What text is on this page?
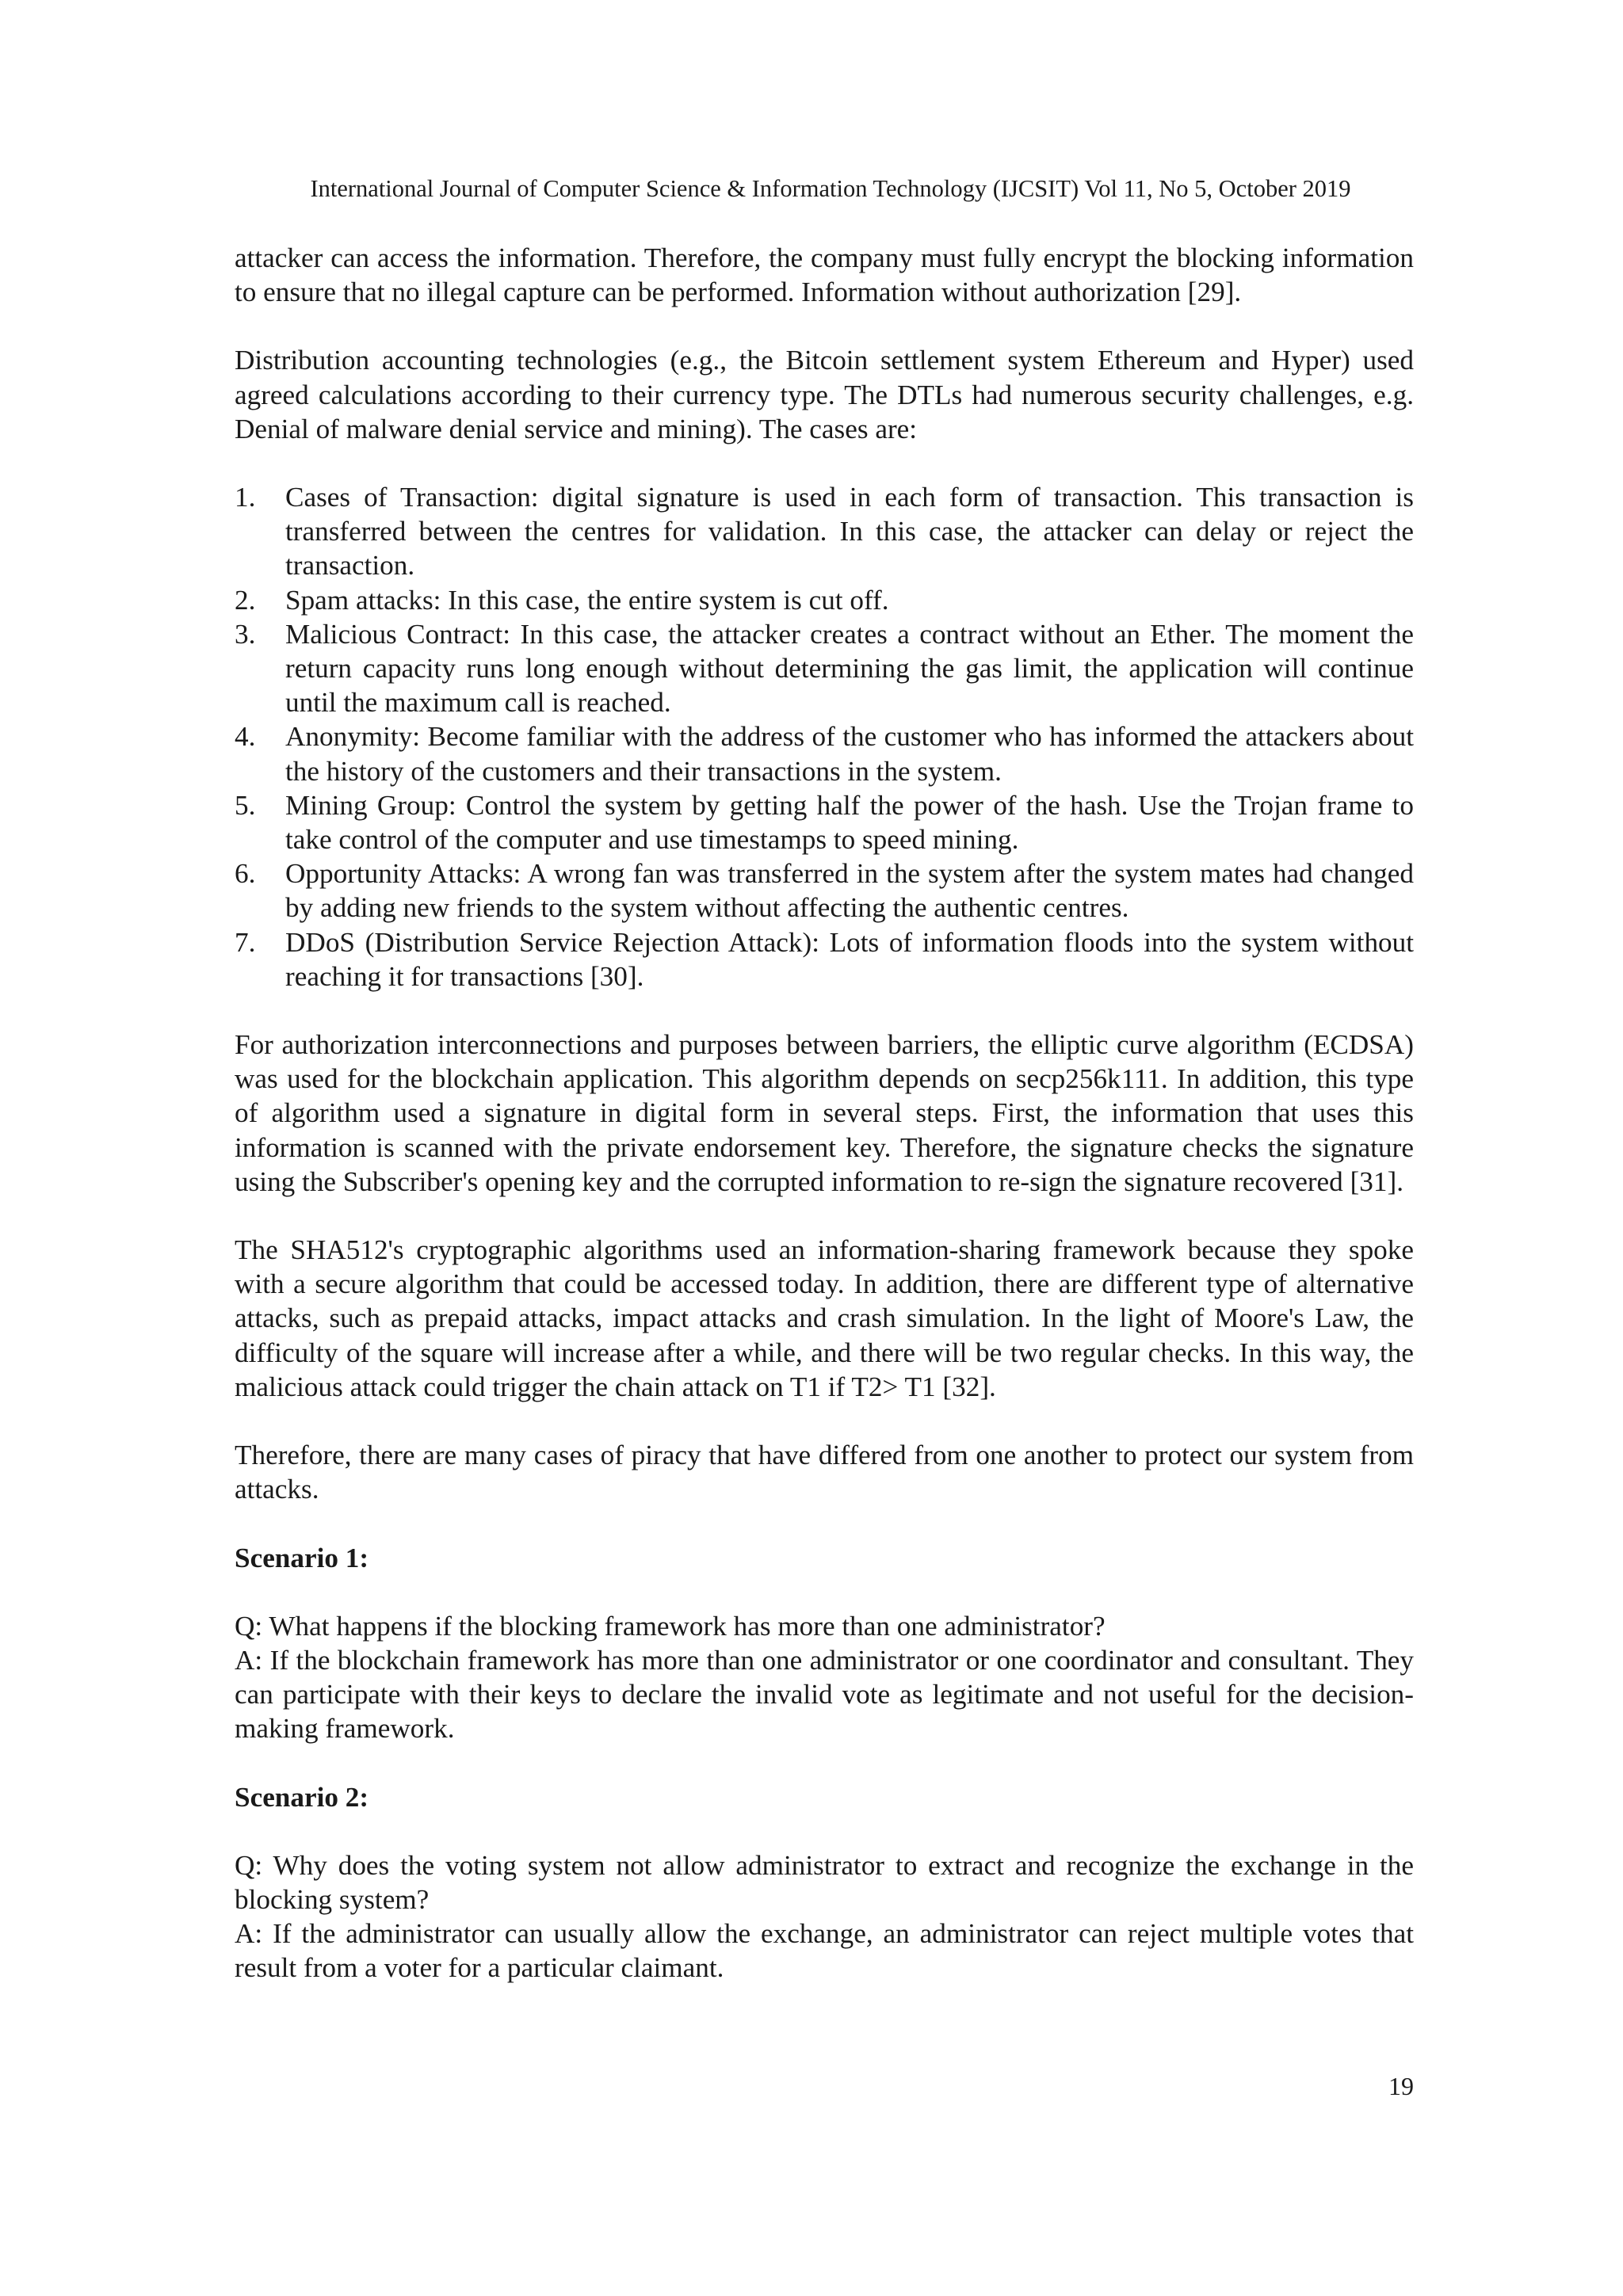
International Journal of Computer Science & Information Technology (IJCSIT) Vol 11, No 5, October 2019

attacker can access the information. Therefore, the company must fully encrypt the blocking information to ensure that no illegal capture can be performed. Information without authorization [29].

Distribution accounting technologies (e.g., the Bitcoin settlement system Ethereum and Hyper) used agreed calculations according to their currency type. The DTLs had numerous security challenges, e.g. Denial of malware denial service and mining). The cases are:

1. Cases of Transaction: digital signature is used in each form of transaction. This transaction is transferred between the centres for validation. In this case, the attacker can delay or reject the transaction.
2. Spam attacks: In this case, the entire system is cut off.
3. Malicious Contract: In this case, the attacker creates a contract without an Ether. The moment the return capacity runs long enough without determining the gas limit, the application will continue until the maximum call is reached.
4. Anonymity: Become familiar with the address of the customer who has informed the attackers about the history of the customers and their transactions in the system.
5. Mining Group: Control the system by getting half the power of the hash. Use the Trojan frame to take control of the computer and use timestamps to speed mining.
6. Opportunity Attacks: A wrong fan was transferred in the system after the system mates had changed by adding new friends to the system without affecting the authentic centres.
7. DDoS (Distribution Service Rejection Attack): Lots of information floods into the system without reaching it for transactions [30].

For authorization interconnections and purposes between barriers, the elliptic curve algorithm (ECDSA) was used for the blockchain application. This algorithm depends on secp256k111. In addition, this type of algorithm used a signature in digital form in several steps. First, the information that uses this information is scanned with the private endorsement key. Therefore, the signature checks the signature using the Subscriber's opening key and the corrupted information to re-sign the signature recovered [31].

The SHA512's cryptographic algorithms used an information-sharing framework because they spoke with a secure algorithm that could be accessed today. In addition, there are different type of alternative attacks, such as prepaid attacks, impact attacks and crash simulation. In the light of Moore's Law, the difficulty of the square will increase after a while, and there will be two regular checks. In this way, the malicious attack could trigger the chain attack on T1 if T2> T1 [32].

Therefore, there are many cases of piracy that have differed from one another to protect our system from attacks.

Scenario 1:

Q: What happens if the blocking framework has more than one administrator?

A: If the blockchain framework has more than one administrator or one coordinator and consultant. They can participate with their keys to declare the invalid vote as legitimate and not useful for the decision-making framework.

Scenario 2:

Q: Why does the voting system not allow administrator to extract and recognize the exchange in the blocking system?

A: If the administrator can usually allow the exchange, an administrator can reject multiple votes that result from a voter for a particular claimant.

19
